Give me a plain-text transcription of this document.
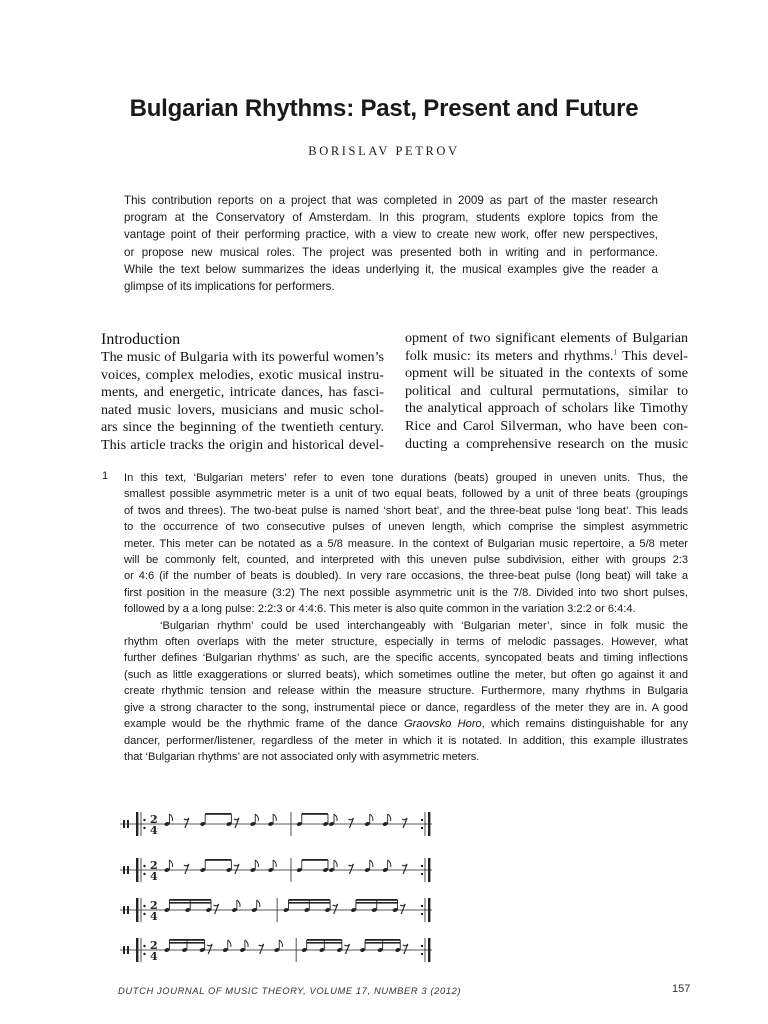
Bulgarian Rhythms: Past, Present and Future
BORISLAV PETROV
This contribution reports on a project that was completed in 2009 as part of the master research
program at the Conservatory of Amsterdam. In this program, students explore topics from the
vantage point of their performing practice, with a view to create new work, offer new perspectives,
or propose new musical roles. The project was presented both in writing and in performance.
While the text below summarizes the ideas underlying it, the musical examples give the reader a
glimpse of its implications for performers.
Introduction
The music of Bulgaria with its powerful women’s
voices, complex melodies, exotic musical instru-
ments, and energetic, intricate dances, has fasci-
nated music lovers, musicians and music schol-
ars since the beginning of the twentieth century.
This article tracks the origin and historical devel-
opment of two significant elements of Bulgarian
folk music: its meters and rhythms.$^1$ This devel-
opment will be situated in the contexts of some
political and cultural permutations, similar to
the analytical approach of scholars like Timothy
Rice and Carol Silverman, who have been con-
ducting a comprehensive research on the music
1 In this text, ‘Bulgarian meters’ refer to even tone durations (beats) grouped in uneven units. Thus, the
smallest possible asymmetric meter is a unit of two equal beats, followed by a unit of three beats (groupings
of twos and threes). The two-beat pulse is named ‘short beat’, and the three-beat pulse ‘long beat’. This leads
to the occurrence of two consecutive pulses of uneven length, which comprise the simplest asymmetric
meter. This meter can be notated as a 5/8 measure. In the context of Bulgarian music repertoire, a 5/8 meter
will be commonly felt, counted, and interpreted with this uneven pulse subdivision, either with groups 2:3
or 4:6 (if the number of beats is doubled). In very rare occasions, the three-beat pulse (long beat) will take a
first position in the measure (3:2) The next possible asymmetric unit is the 7/8. Divided into two short pulses,
followed by a a long pulse: 2:2:3 or 4:4:6. This meter is also quite common in the variation 3:2:2 or 6:4:4.
‘Bulgarian rhythm’ could be used interchangeably with ‘Bulgarian meter’, since in folk music the
rhythm often overlaps with the meter structure, especially in terms of melodic passages. However, what
further defines ‘Bulgarian rhythms’ as such, are the specific accents, syncopated beats and timing inflections
(such as little exaggerations or slurred beats), which sometimes outline the meter, but often go against it and
create rhythmic tension and release within the measure structure. Furthermore, many rhythms in Bulgaria
give a strong character to the song, instrumental piece or dance, regardless of the meter they are in. A good
example would be the rhythmic frame of the dance Graovsko Horo, which remains distinguishable for any
dancer, performer/listener, regardless of the meter in which it is notated. In addition, this example illustrates
that ‘Bulgarian rhythms’ are not associated only with asymmetric meters.
2
4
2
4
2
4
2
4
DUTCH JOURNAL OF MUSIC THEORY, VOLUME 17, NUMBER 3 (2012)	157
